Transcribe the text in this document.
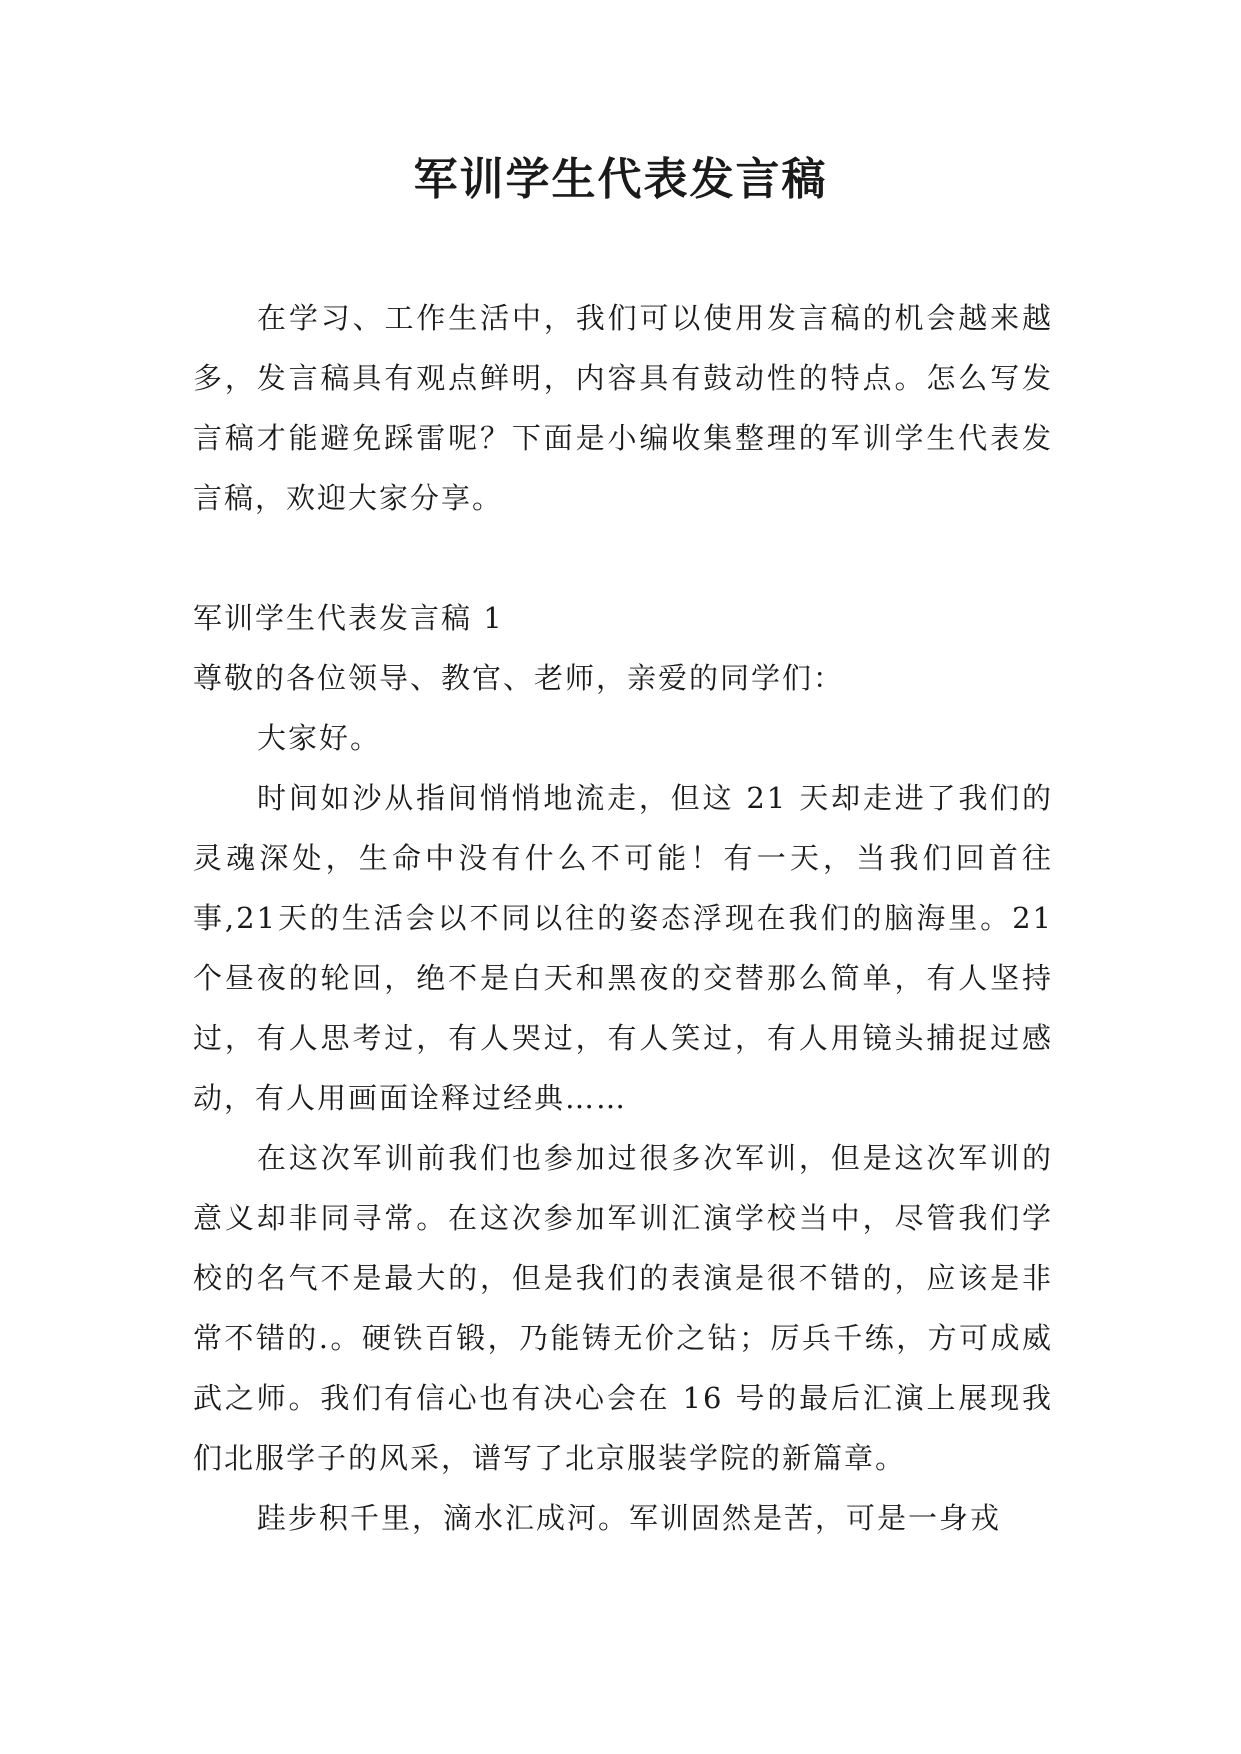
军训学生代表发言稿

在学习、工作生活中，我们可以使用发言稿的机会越来越多，发言稿具有观点鲜明，内容具有鼓动性的特点。怎么写发言稿才能避免踩雷呢？下面是小编收集整理的军训学生代表发言稿，欢迎大家分享。

军训学生代表发言稿 1

尊敬的各位领导、教官、老师，亲爱的同学们：

大家好。

时间如沙从指间悄悄地流走，但这 21 天却走进了我们的灵魂深处，生命中没有什么不可能！有一天，当我们回首往事,21天的生活会以不同以往的姿态浮现在我们的脑海里。21 个昼夜的轮回，绝不是白天和黑夜的交替那么简单，有人坚持过，有人思考过，有人哭过，有人笑过，有人用镜头捕捉过感动，有人用画面诠释过经典……

在这次军训前我们也参加过很多次军训，但是这次军训的意义却非同寻常。在这次参加军训汇演学校当中，尽管我们学校的名气不是最大的，但是我们的表演是很不错的，应该是非常不错的.。硬铁百锻，乃能铸无价之钻；厉兵千练，方可成威武之师。我们有信心也有决心会在 16 号的最后汇演上展现我们北服学子的风采，谱写了北京服装学院的新篇章。

跬步积千里，滴水汇成河。军训固然是苦，可是一身戎
